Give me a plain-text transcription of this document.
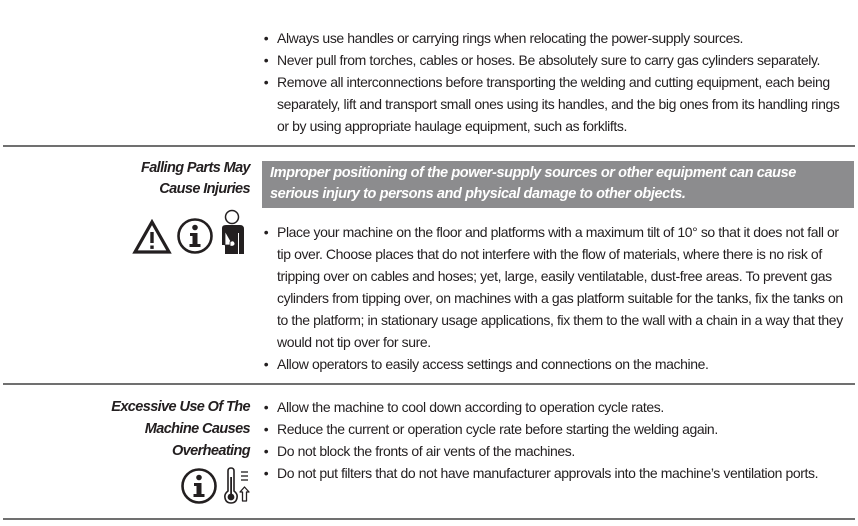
• Always use handles or carrying rings when relocating the power-supply sources.
• Never pull from torches, cables or hoses. Be absolutely sure to carry gas cylinders separately.
• Remove all interconnections before transporting the welding and cutting equipment, each being separately, lift and transport small ones using its handles, and the big ones from its handling rings or by using appropriate haulage equipment, such as forklifts.
Falling Parts May
Cause Injuries
Improper positioning of the power-supply sources or other equipment can cause serious injury to persons and physical damage to other objects.
• Place your machine on the floor and platforms with a maximum tilt of 10° so that it does not fall or tip over. Choose places that do not interfere with the flow of materials, where there is no risk of tripping over on cables and hoses; yet, large, easily ventilatable, dust-free areas. To prevent gas cylinders from tipping over, on machines with a gas platform suitable for the tanks, fix the tanks on to the platform; in stationary usage applications, fix them to the wall with a chain in a way that they would not tip over for sure.
• Allow operators to easily access settings and connections on the machine.
Excessive Use Of The
Machine Causes
Overheating
• Allow the machine to cool down according to operation cycle rates.
• Reduce the current or operation cycle rate before starting the welding again.
• Do not block the fronts of air vents of the machines.
• Do not put filters that do not have manufacturer approvals into the machine’s ventilation ports.
